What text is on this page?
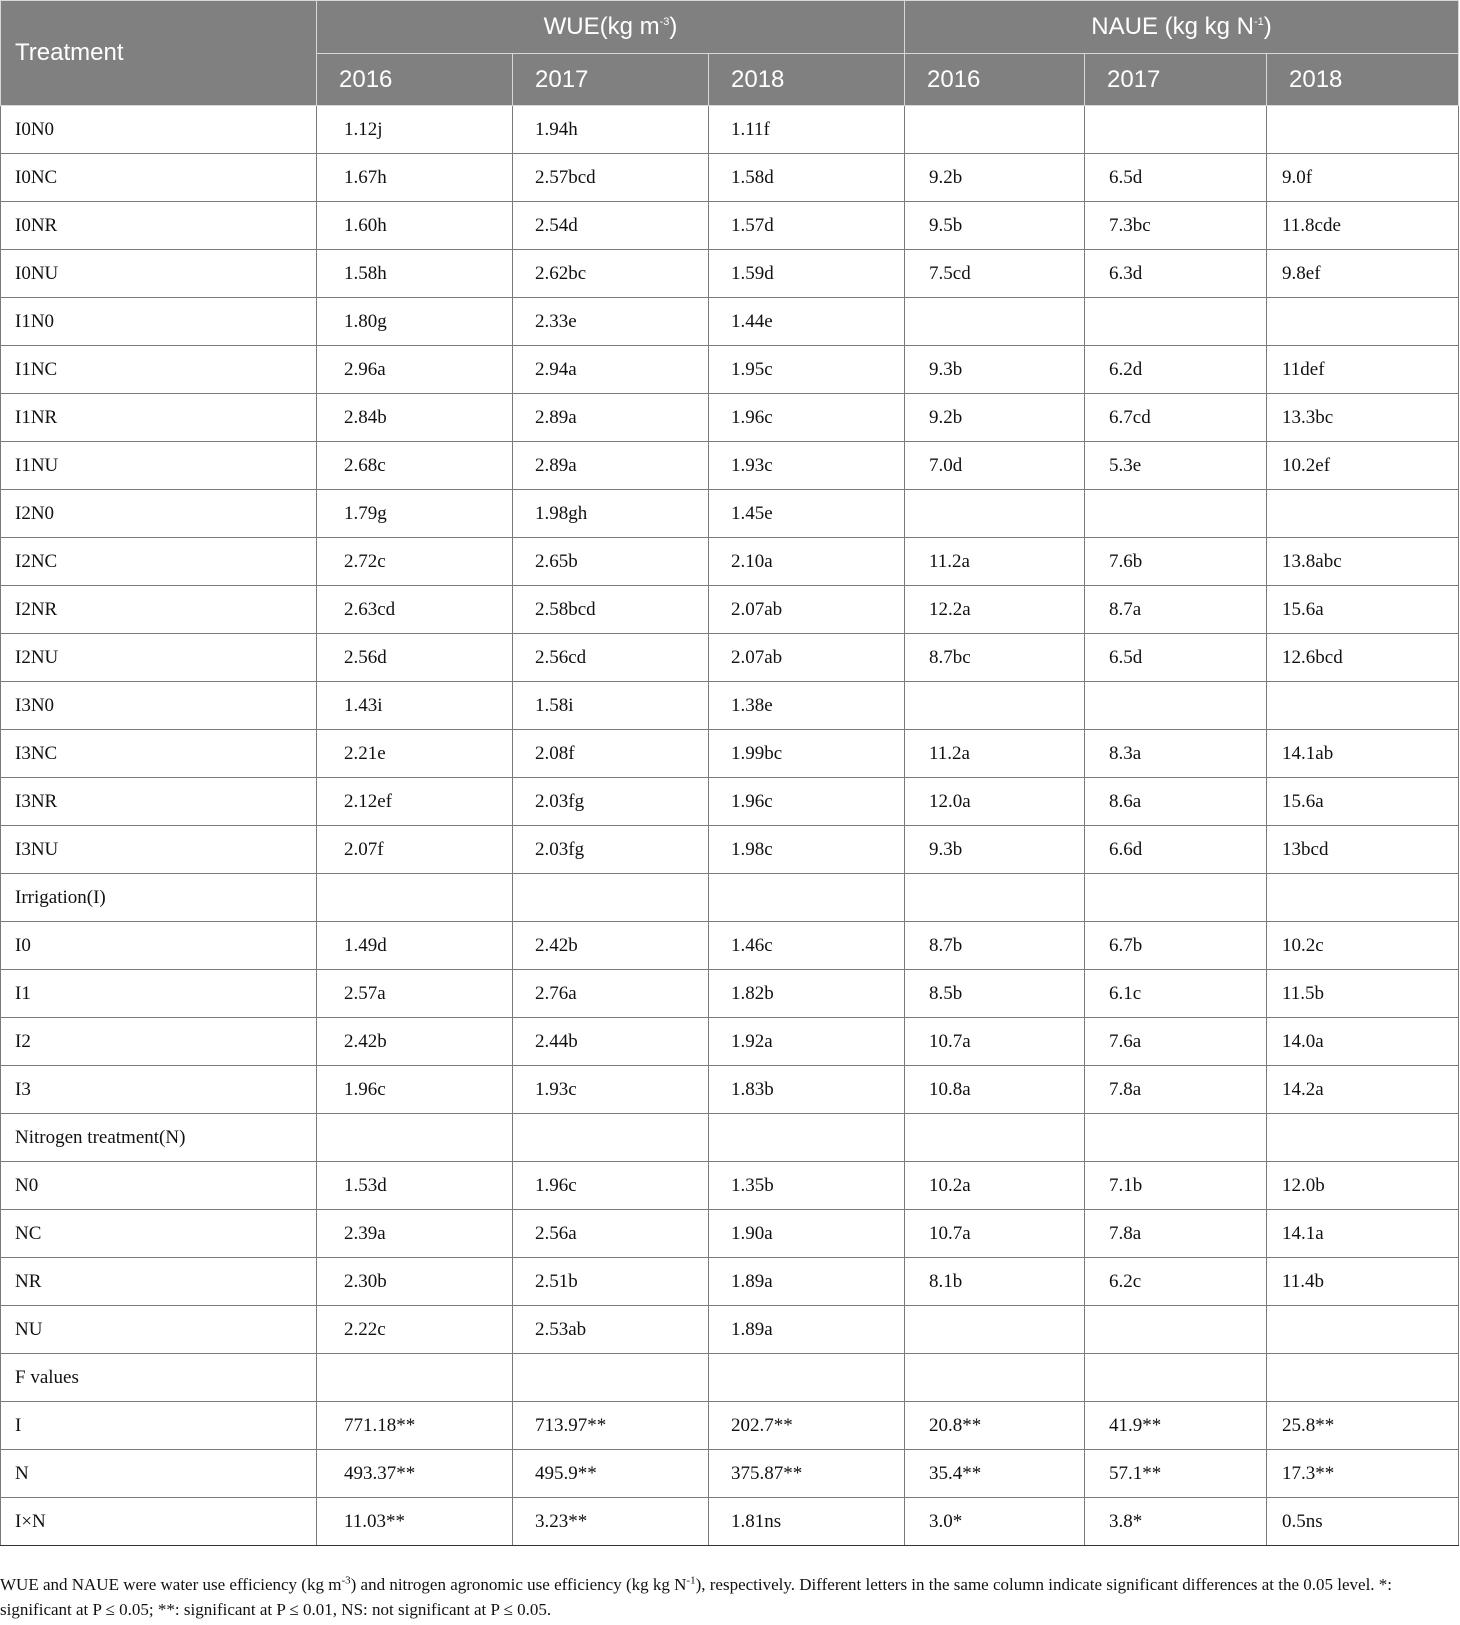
Treatment	WUE(kg $m^{-3}$)			NAUE (kg kg $N^{-1}$)		
	2016	2017	2018	2016	2017	2018
I0N0	1.12j	1.94h	1.11f			
I0NC	1.67h	2.57bcd	1.58d	9.2b	6.5d	9.0f
I0NR	1.60h	2.54d	1.57d	9.5b	7.3bc	11.8cde
I0NU	1.58h	2.62bc	1.59d	7.5cd	6.3d	9.8ef
I1N0	1.80g	2.33e	1.44e			
I1NC	2.96a	2.94a	1.95c	9.3b	6.2d	11def
I1NR	2.84b	2.89a	1.96c	9.2b	6.7cd	13.3bc
I1NU	2.68c	2.89a	1.93c	7.0d	5.3e	10.2ef
I2N0	1.79g	1.98gh	1.45e			
I2NC	2.72c	2.65b	2.10a	11.2a	7.6b	13.8abc
I2NR	2.63cd	2.58bcd	2.07ab	12.2a	8.7a	15.6a
I2NU	2.56d	2.56cd	2.07ab	8.7bc	6.5d	12.6bcd
I3N0	1.43i	1.58i	1.38e			
I3NC	2.21e	2.08f	1.99bc	11.2a	8.3a	14.1ab
I3NR	2.12ef	2.03fg	1.96c	12.0a	8.6a	15.6a
I3NU	2.07f	2.03fg	1.98c	9.3b	6.6d	13bcd
Irrigation(I)						
I0	1.49d	2.42b	1.46c	8.7b	6.7b	10.2c
I1	2.57a	2.76a	1.82b	8.5b	6.1c	11.5b
I2	2.42b	2.44b	1.92a	10.7a	7.6a	14.0a
I3	1.96c	1.93c	1.83b	10.8a	7.8a	14.2a
Nitrogen treatment(N)						
N0	1.53d	1.96c	1.35b	10.2a	7.1b	12.0b
NC	2.39a	2.56a	1.90a	10.7a	7.8a	14.1a
NR	2.30b	2.51b	1.89a	8.1b	6.2c	11.4b
NU	2.22c	2.53ab	1.89a			
F values						
I	771.18**	713.97**	202.7**	20.8**	41.9**	25.8**
N	493.37**	495.9**	375.87**	35.4**	57.1**	17.3**
I×N	11.03**	3.23**	1.81ns	3.0*	3.8*	0.5ns
WUE and NAUE were water use efficiency (kg $m^{-3}$) and nitrogen agronomic use efficiency (kg kg $N^{-1}$), respectively. Different letters in the same column indicate significant differences at the 0.05 level. *: significant at P ≤ 0.05; **: significant at P ≤ 0.01, NS: not significant at P ≤ 0.05.
